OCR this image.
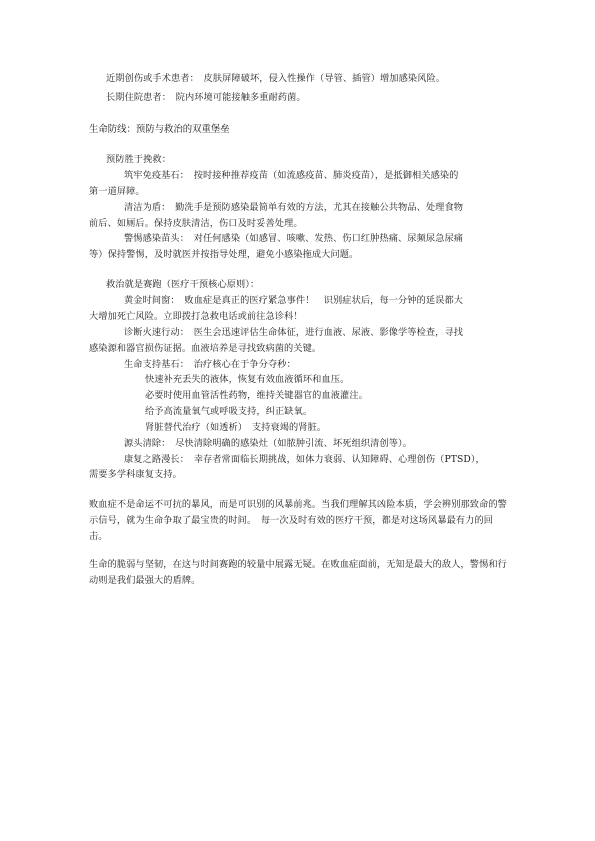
近期创伤或手术患者：　皮肤屏障破坏，侵入性操作（导管、插管）增加感染风险。
长期住院患者：　院内环境可能接触多重耐药菌。
生命防线：预防与救治的双重堡垒
预防胜于挽救：
筑牢免疫基石：　按时接种推荐疫苗（如流感疫苗、肺炎疫苗），是抵御相关感染的
第一道屏障。
清洁为盾：　勤洗手是预防感染最简单有效的方法，尤其在接触公共物品、处理食物
前后、如厕后。保持皮肤清洁，伤口及时妥善处理。
警惕感染苗头：　对任何感染（如感冒、咳嗽、发热、伤口红肿热痛、尿频尿急尿痛
等）保持警惕，及时就医并按指导处理，避免小感染拖成大问题。
救治就是赛跑（医疗干预核心原则）：
黄金时间窗：　败血症是真正的医疗紧急事件！　识别症状后，每一分钟的延误都大
大增加死亡风险。立即拨打急救电话或前往急诊科！
诊断火速行动：　医生会迅速评估生命体征，进行血液、尿液、影像学等检查，寻找
感染源和器官损伤证据。血液培养是寻找致病菌的关键。
生命支持基石：　治疗核心在于争分夺秒：
快速补充丢失的液体，恢复有效血液循环和血压。
必要时使用血管活性药物，维持关键器官的血液灌注。
给予高流量氧气或呼吸支持，纠正缺氧。
肾脏替代治疗（如透析）　支持衰竭的肾脏。
源头清除：　尽快清除明确的感染灶（如脓肿引流、坏死组织清创等）。
康复之路漫长：　幸存者常面临长期挑战，如体力衰弱、认知障碍、心理创伤（PTSD），
需要多学科康复支持。
败血症不是命运不可抗的暴风，而是可识别的风暴前兆。当我们理解其凶险本质，学会辨别那致命的警示信号，就为生命争取了最宝贵的时间。　每一次及时有效的医疗干预，都是对这场风暴最有力的回击。
生命的脆弱与坚韧，在这与时间赛跑的较量中展露无疑。在败血症面前，无知是最大的敌人，警惕和行动则是我们最强大的盾牌。
